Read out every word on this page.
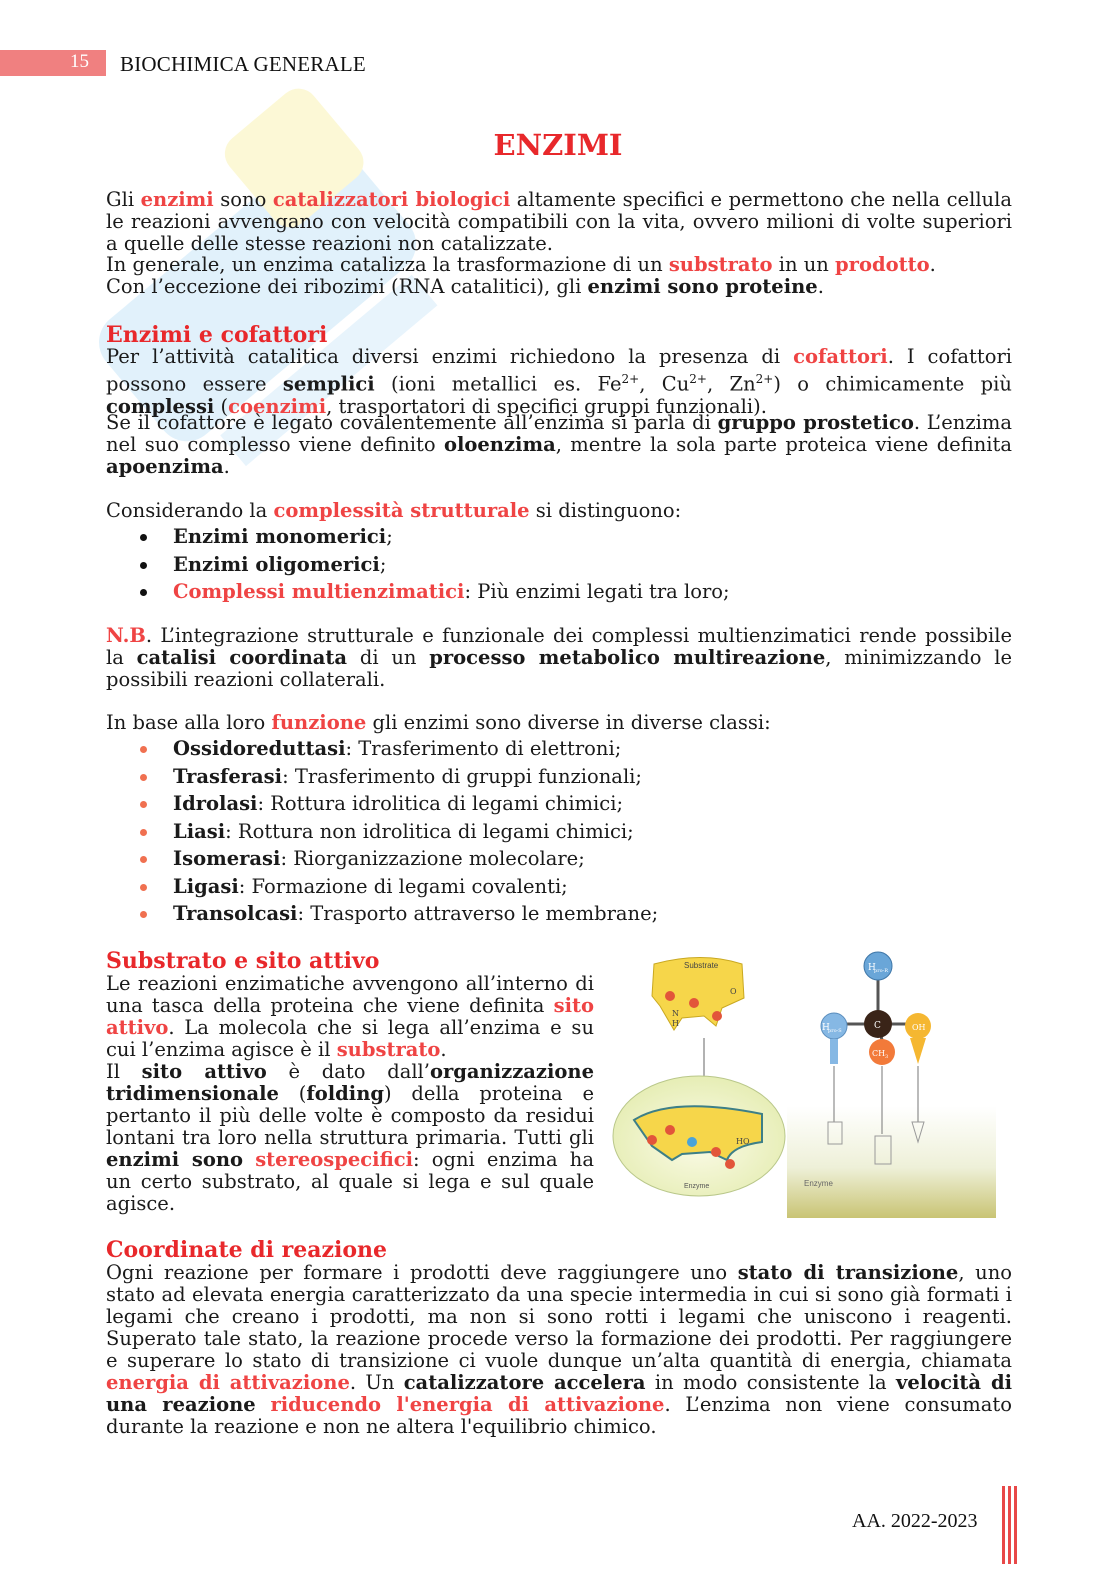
15 BIOCHIMICA GENERALE
ENZIMI
Gli enzimi sono catalizzatori biologici altamente specifici e permettono che nella cellula le reazioni avvengano con velocità compatibili con la vita, ovvero milioni di volte superiori a quelle delle stesse reazioni non catalizzate.
In generale, un enzima catalizza la trasformazione di un substrato in un prodotto.
Con l’eccezione dei ribozimi (RNA catalitici), gli enzimi sono proteine.
Enzimi e cofattori
Per l’attività catalitica diversi enzimi richiedono la presenza di cofattori. I cofattori possono essere semplici (ioni metallici es. $Fe^{2+}$, $Cu^{2+}$, $Zn^{2+}$) o chimicamente più complessi (coenzimi, trasportatori di specifici gruppi funzionali).
Se il cofattore è legato covalentemente all’enzima si parla di gruppo prostetico. L’enzima nel suo complesso viene definito oloenzima, mentre la sola parte proteica viene definita apoenzima.
Considerando la complessità strutturale si distinguono:
Enzimi monomerici;
Enzimi oligomerici;
Complessi multienzimatici: Più enzimi legati tra loro;
N.B. L’integrazione strutturale e funzionale dei complessi multienzimatici rende possibile la catalisi coordinata di un processo metabolico multireazione, minimizzando le possibili reazioni collaterali.
In base alla loro funzione gli enzimi sono diverse in diverse classi:
Ossidoreduttasi: Trasferimento di elettroni;
Trasferasi: Trasferimento di gruppi funzionali;
Idrolasi: Rottura idrolitica di legami chimici;
Liasi: Rottura non idrolitica di legami chimici;
Isomerasi: Riorganizzazione molecolare;
Ligasi: Formazione di legami covalenti;
Transolcasi: Trasporto attraverso le membrane;
Substrato e sito attivo
Le reazioni enzimatiche avvengono all’interno di una tasca della proteina che viene definita sito attivo. La molecola che si lega all’enzima e su cui l’enzima agisce è il substrato.
Il sito attivo è dato dall’organizzazione tridimensionale (folding) della proteina e pertanto il più delle volte è composto da residui lontani tra loro nella struttura primaria. Tutti gli enzimi sono stereospecifici: ogni enzima ha un certo substrato, al quale si lega e sul quale agisce.
Substrate
O
N
H
HO
Enzyme
H
pro-R
C
H
pro-S	OH
CH 3
Enzyme
Coordinate di reazione
Ogni reazione per formare i prodotti deve raggiungere uno stato di transizione, uno stato ad elevata energia caratterizzato da una specie intermedia in cui si sono già formati i legami che creano i prodotti, ma non si sono rotti i legami che uniscono i reagenti. Superato tale stato, la reazione procede verso la formazione dei prodotti. Per raggiungere e superare lo stato di transizione ci vuole dunque un’alta quantità di energia, chiamata energia di attivazione. Un catalizzatore accelera in modo consistente la velocità di una reazione riducendo l'energia di attivazione. L’enzima non viene consumato durante la reazione e non ne altera l'equilibrio chimico.
AA. 2022-2023
